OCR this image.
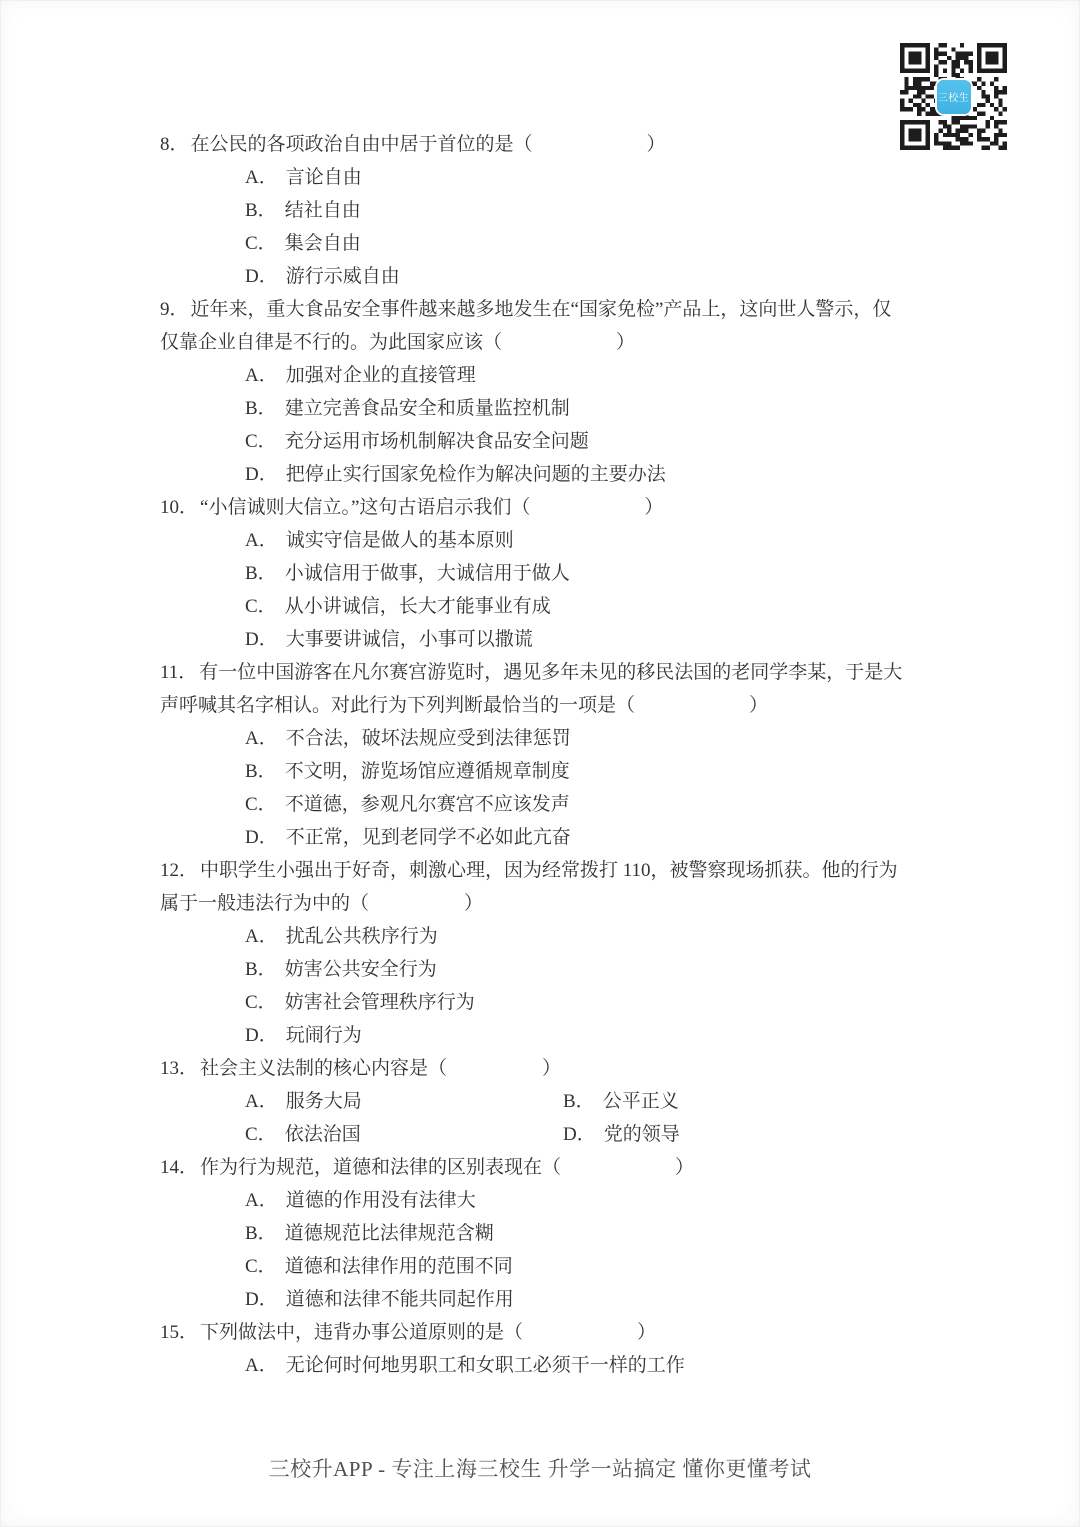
三校生
8． 在公民的各项政治自由中居于首位的是（　　　　　　）
A． 言论自由
B． 结社自由
C． 集会自由
D． 游行示威自由
9． 近年来，重大食品安全事件越来越多地发生在“国家免检”产品上，这向世人警示，仅
仅靠企业自律是不行的。为此国家应该（　　　　　　）
A． 加强对企业的直接管理
B． 建立完善食品安全和质量监控机制
C． 充分运用市场机制解决食品安全问题
D． 把停止实行国家免检作为解决问题的主要办法
10． “小信诚则大信立。”这句古语启示我们（　　　　　　）
A． 诚实守信是做人的基本原则
B． 小诚信用于做事，大诚信用于做人
C． 从小讲诚信，长大才能事业有成
D． 大事要讲诚信，小事可以撒谎
11． 有一位中国游客在凡尔赛宫游览时，遇见多年未见的移民法国的老同学李某，于是大
声呼喊其名字相认。对此行为下列判断最恰当的一项是（　　　　　　）
A． 不合法，破坏法规应受到法律惩罚
B． 不文明，游览场馆应遵循规章制度
C． 不道德，参观凡尔赛宫不应该发声
D． 不正常，见到老同学不必如此亢奋
12． 中职学生小强出于好奇，刺激心理，因为经常拨打 110，被警察现场抓获。他的行为
属于一般违法行为中的（　　　　　）
A． 扰乱公共秩序行为
B． 妨害公共安全行为
C． 妨害社会管理秩序行为
D． 玩闹行为
13． 社会主义法制的核心内容是（　　　　　）
A． 服务大局	B． 公平正义
C． 依法治国	D． 党的领导
14． 作为行为规范，道德和法律的区别表现在（　　　　　　）
A． 道德的作用没有法律大
B． 道德规范比法律规范含糊
C． 道德和法律作用的范围不同
D． 道德和法律不能共同起作用
15． 下列做法中，违背办事公道原则的是（　　　　　　）
A． 无论何时何地男职工和女职工必须干一样的工作
三校升APP - 专注上海三校生 升学一站搞定 懂你更懂考试
